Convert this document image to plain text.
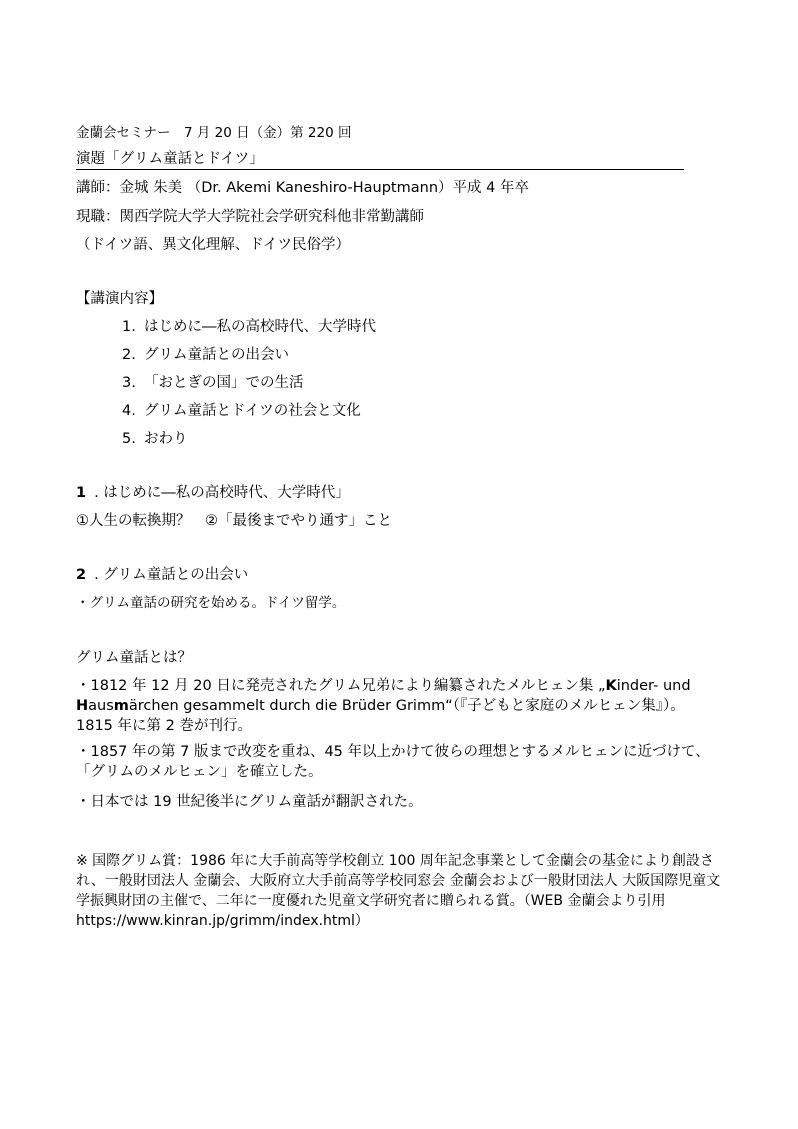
金蘭会セミナー　7 月 20 日（金）第 220 回
演題「グリム童話とドイツ」
講師：金城 朱美 （Dr. Akemi Kaneshiro-Hauptmann）平成 4 年卒
現職：関西学院大学大学院社会学研究科他非常勤講師
（ドイツ語、異文化理解、ドイツ民俗学）
【講演内容】
1. はじめに―私の高校時代、大学時代
2. グリム童話との出会い
3. 「おとぎの国」での生活
4. グリム童話とドイツの社会と文化
5. おわり
1 . はじめに―私の高校時代、大学時代」
①人生の転換期？　②「最後までやり通す」こと
2 . グリム童話との出会い
・グリム童話の研究を始める。ドイツ留学。
グリム童話とは？
・1812 年 12 月 20 日に発売されたグリム兄弟により編纂されたメルヒェン集 „Kinder- und Hausmärchen gesammelt durch die Brüder Grimm“（『子どもと家庭のメルヒェン集』）。1815 年に第 2 巻が刊行。
・1857 年の第 7 版まで改変を重ね、45 年以上かけて彼らの理想とするメルヒェンに近づけて、「グリムのメルヒェン」を確立した。
・日本では 19 世紀後半にグリム童話が翻訳された。
※ 国際グリム賞：1986 年に大手前高等学校創立 100 周年記念事業として金蘭会の基金により創設され、一般財団法人 金蘭会、大阪府立大手前高等学校同窓会 金蘭会および一般財団法人 大阪国際児童文学振興財団の主催で、二年に一度優れた児童文学研究者に贈られる賞。（WEB 金蘭会より引用　https://www.kinran.jp/grimm/index.html）
